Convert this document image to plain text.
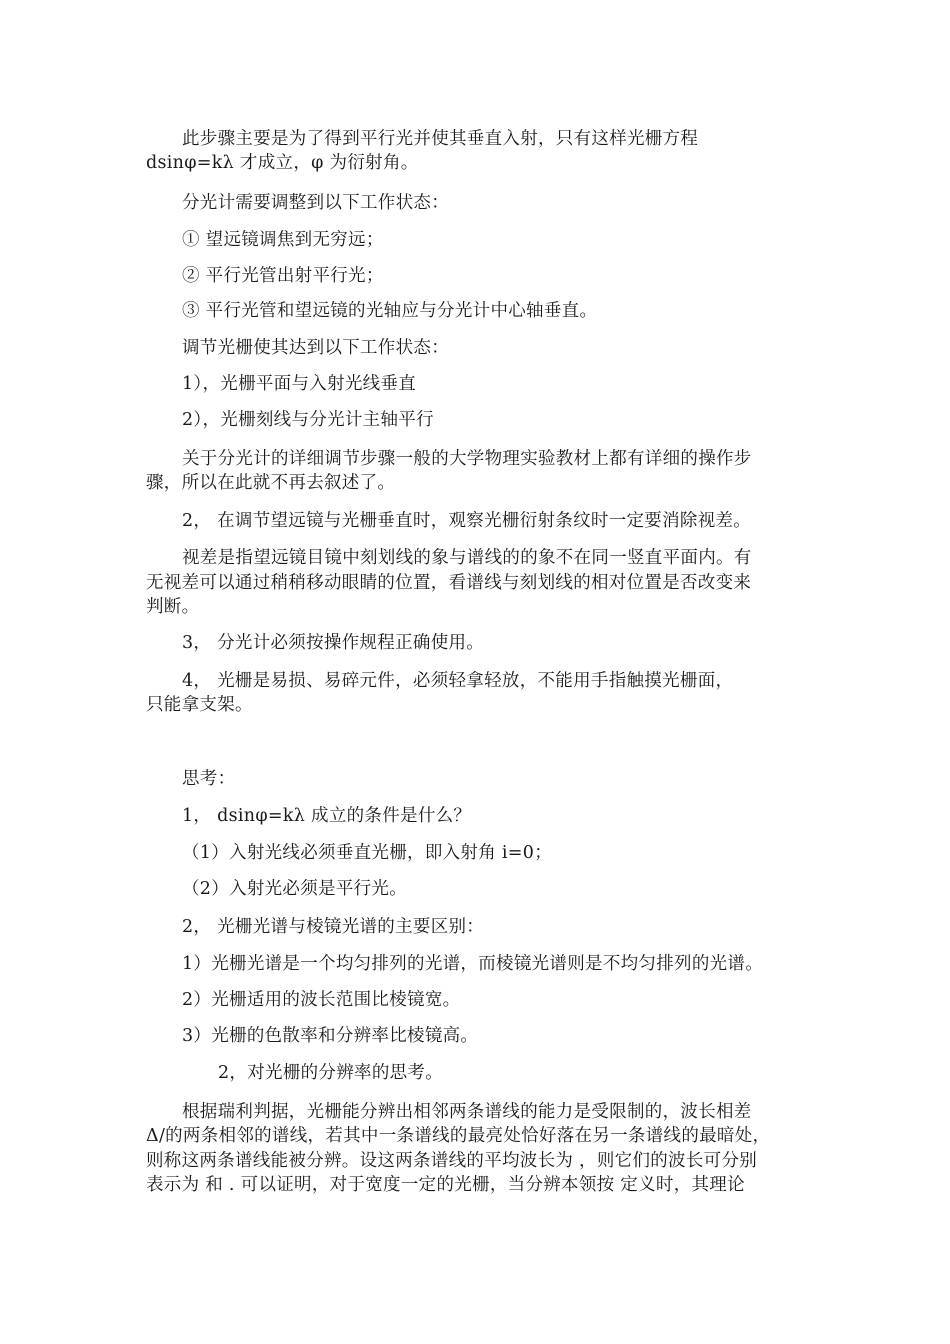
此步骤主要是为了得到平行光并使其垂直入射，只有这样光栅方程
dsinφ=kλ 才成立，φ 为衍射角。
分光计需要调整到以下工作状态：
① 望远镜调焦到无穷远；
② 平行光管出射平行光；
③ 平行光管和望远镜的光轴应与分光计中心轴垂直。
调节光栅使其达到以下工作状态：
1），光栅平面与入射光线垂直
2），光栅刻线与分光计主轴平行
关于分光计的详细调节步骤一般的大学物理实验教材上都有详细的操作步
骤，所以在此就不再去叙述了。
2， 在调节望远镜与光栅垂直时，观察光栅衍射条纹时一定要消除视差。
视差是指望远镜目镜中刻划线的象与谱线的的象不在同一竖直平面内。有
无视差可以通过稍稍移动眼睛的位置，看谱线与刻划线的相对位置是否改变来
判断。
3， 分光计必须按操作规程正确使用。
4， 光栅是易损、易碎元件，必须轻拿轻放，不能用手指触摸光栅面，
只能拿支架。
思考：
1， dsinφ=kλ 成立的条件是什么？
（1）入射光线必须垂直光栅，即入射角 i=0；
（2）入射光必须是平行光。
2， 光栅光谱与棱镜光谱的主要区别：
1）光栅光谱是一个均匀排列的光谱，而棱镜光谱则是不均匀排列的光谱。
2）光栅适用的波长范围比棱镜宽。
3）光栅的色散率和分辨率比棱镜高。
2，对光栅的分辨率的思考。
根据瑞利判据，光栅能分辨出相邻两条谱线的能力是受限制的，波长相差
Δ/的两条相邻的谱线，若其中一条谱线的最亮处恰好落在另一条谱线的最暗处，
则称这两条谱线能被分辨。设这两条谱线的平均波长为 ，则它们的波长可分别
表示为 和 . 可以证明，对于宽度一定的光栅，当分辨本领按 定义时，其理论
